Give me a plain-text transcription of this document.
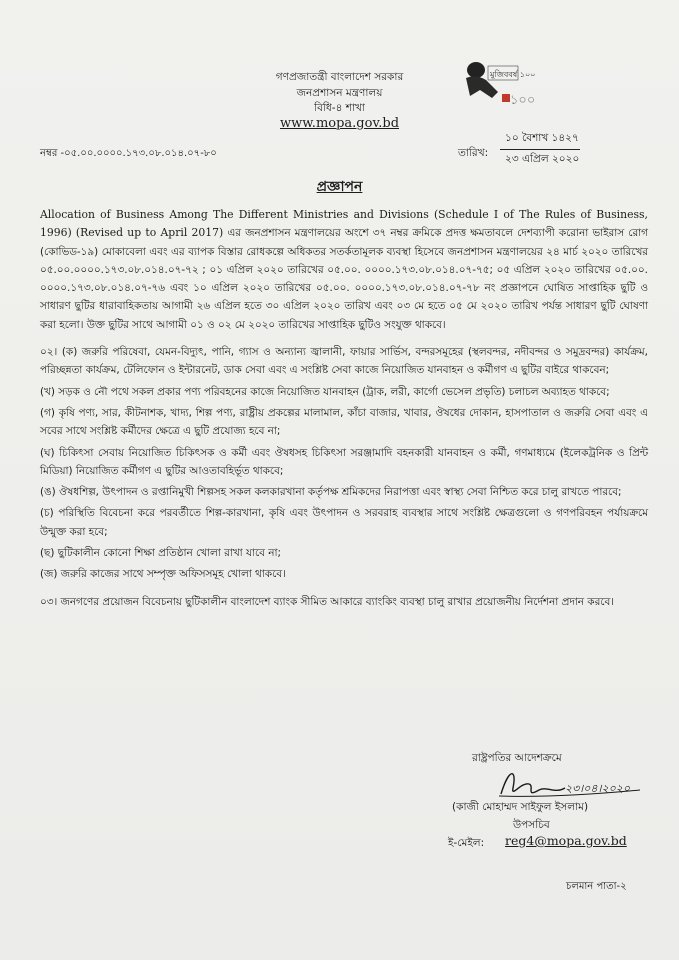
গণপ্রজাতন্ত্রী বাংলাদেশ সরকার
জনপ্রশাসন মন্ত্রণালয়
বিধি-৪ শাখা
www.mopa.gov.bd
মুজিববর্ষ ১০০
১০০
নম্বর -০৫.০০.০০০০.১৭৩.০৮.০১৪.০৭-৮০	তারিখ:
১০ বৈশাখ ১৪২৭
২৩ এপ্রিল ২০২০
প্রজ্ঞাপন

Allocation of Business Among The Different Ministries and Divisions (Schedule I of The Rules of Business, 1996) (Revised up to April 2017) এর জনপ্রশাসন মন্ত্রণালয়ের অংশে ৩৭ নম্বর ক্রমিকে প্রদত্ত ক্ষমতাবলে দেশব্যাপী করোনা ভাইরাস রোগ (কোভিড-১৯) মোকাবেলা এবং এর ব্যাপক বিস্তার রোধকল্পে অধিকতর সতর্কতামূলক ব্যবস্থা হিসেবে জনপ্রশাসন মন্ত্রণালয়ের ২৪ মার্চ ২০২০ তারিখের ০৫.০০.০০০০.১৭৩.০৮.০১৪.০৭-৭২ ; ০১ এপ্রিল ২০২০ তারিখের ০৫.০০. ০০০০.১৭৩.০৮.০১৪.০৭-৭৫; ০৫ এপ্রিল ২০২০ তারিখের ০৫.০০. ০০০০.১৭৩.০৮.০১৪.০৭-৭৬ এবং ১০ এপ্রিল ২০২০ তারিখের ০৫.০০. ০০০০.১৭৩.০৮.০১৪.০৭-৭৮ নং প্রজ্ঞাপনে ঘোষিত সাপ্তাহিক ছুটি ও সাধারণ ছুটির ধারাবাহিকতায় আগামী ২৬ এপ্রিল হতে ৩০ এপ্রিল ২০২০ তারিখ এবং ০৩ মে হতে ০৫ মে ২০২০ তারিখ পর্যন্ত সাধারণ ছুটি ঘোষণা করা হলো। উক্ত ছুটির সাথে আগামী ০১ ও ০২ মে ২০২০ তারিখের সাপ্তাহিক ছুটিও সংযুক্ত থাকবে।

০২। (ক) জরুরি পরিষেবা, যেমন-বিদ্যুৎ, পানি, গ্যাস ও অন্যান্য জ্বালানী, ফায়ার সার্ভিস, বন্দরসমূহের (স্থলবন্দর, নদীবন্দর ও সমুদ্রবন্দর) কার্যক্রম, পরিচ্ছন্নতা কার্যক্রম, টেলিফোন ও ইন্টারনেট, ডাক সেবা এবং এ সংশ্লিষ্ট সেবা কাজে নিয়োজিত যানবাহন ও কর্মীগণ এ ছুটির বাইরে থাকবেন;

(খ) সড়ক ও নৌ পথে সকল প্রকার পণ্য পরিবহনের কাজে নিয়োজিত যানবাহন (ট্রাক, লরী, কার্গো ভেসেল প্রভৃতি) চলাচল অব্যাহত থাকবে;

(গ) কৃষি পণ্য, সার, কীটনাশক, খাদ্য, শিল্প পণ্য, রাষ্ট্রীয় প্রকল্পের মালামাল, কাঁচা বাজার, খাবার, ঔষধের দোকান, হাসপাতাল ও জরুরি সেবা এবং এ সবের সাথে সংশ্লিষ্ট কর্মীদের ক্ষেত্রে এ ছুটি প্রযোজ্য হবে না;

(ঘ) চিকিৎসা সেবায় নিয়োজিত চিকিৎসক ও কর্মী এবং ঔষধসহ চিকিৎসা সরঞ্জামাদি বহনকারী যানবাহন ও কর্মী, গণমাধ্যমে (ইলেকট্রনিক ও প্রিন্ট মিডিয়া) নিয়োজিত কর্মীগণ এ ছুটির আওতাবহির্ভূত থাকবে;

(ঙ) ঔষধশিল্প, উৎপাদন ও রপ্তানিমুখী শিল্পসহ সকল কলকারখানা কর্তৃপক্ষ শ্রমিকদের নিরাপত্তা এবং স্বাস্থ্য সেবা নিশ্চিত করে চালু রাখতে পারবে;

(চ) পরিস্থিতি বিবেচনা করে পরবর্তীতে শিল্প-কারখানা, কৃষি এবং উৎপাদন ও সরবরাহ ব্যবস্থার সাথে সংশ্লিষ্ট ক্ষেত্রগুলো ও গণপরিবহন পর্যায়ক্রমে উন্মুক্ত করা হবে;

(ছ) ছুটিকালীন কোনো শিক্ষা প্রতিষ্ঠান খোলা রাখা যাবে না;

(জ) জরুরি কাজের সাথে সম্পৃক্ত অফিসসমূহ খোলা থাকবে।

০৩। জনগণের প্রয়োজন বিবেচনায় ছুটিকালীন বাংলাদেশ ব্যাংক সীমিত আকারে ব্যাংকিং ব্যবস্থা চালু রাখার প্রয়োজনীয় নির্দেশনা প্রদান করবে।

রাষ্ট্রপতির আদেশক্রমে
২৩।০৪।২০২০
(কাজী মোহাম্মদ সাইফুল ইসলাম)
উপসচিব
ই-মেইল: reg4@mopa.gov.bd
চলমান পাতা-২
